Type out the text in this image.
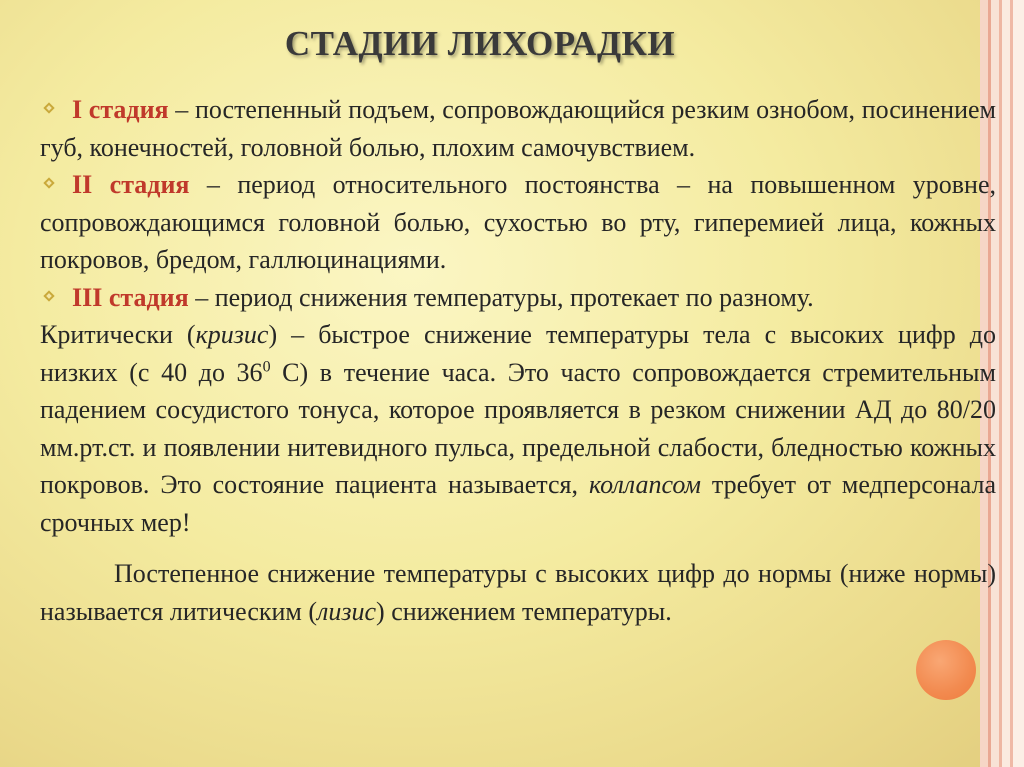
СТАДИИ ЛИХОРАДКИ

I стадия – постепенный подъем, сопровождающийся резким ознобом, посинением губ, конечностей, головной болью, плохим самочувствием.

II стадия – период относительного постоянства – на повышенном уровне, сопровождающимся головной болью, сухостью во рту, гиперемией лица, кожных покровов, бредом, галлюцинациями.

III стадия – период снижения температуры, протекает по разному.
Критически (кризис) – быстрое снижение температуры тела с высоких цифр до низких (с 40 до $36^0$ С) в течение часа. Это часто сопровождается стремительным падением сосудистого тонуса, которое проявляется в резком снижении АД до 80/20 мм.рт.ст. и появлении нитевидного пульса, предельной слабости, бледностью кожных покровов. Это состояние пациента называется, коллапсом требует от медперсонала срочных мер!

Постепенное снижение температуры с высоких цифр до нормы (ниже нормы) называется литическим (лизис) снижением температуры.
